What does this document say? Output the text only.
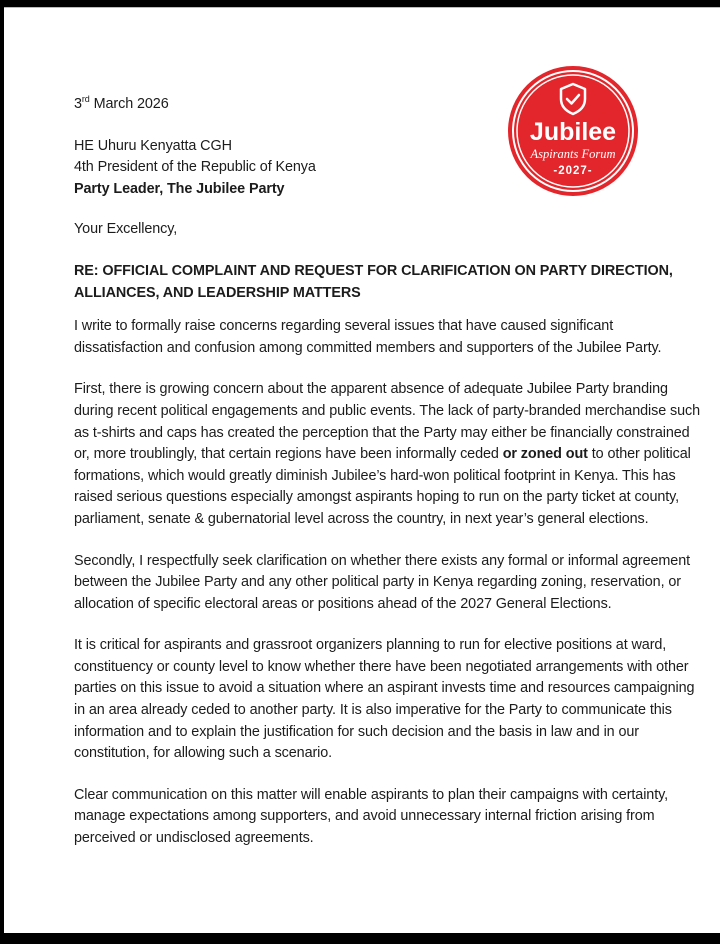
Jubilee
Aspirants Forum
-2027-

3rd March 2026

HE Uhuru Kenyatta CGH

4th President of the Republic of Kenya

Party Leader, The Jubilee Party

Your Excellency,

RE: OFFICIAL COMPLAINT AND REQUEST FOR CLARIFICATION ON PARTY DIRECTION, ALLIANCES, AND LEADERSHIP MATTERS

I write to formally raise concerns regarding several issues that have caused significant dissatisfaction and confusion among committed members and supporters of the Jubilee Party.

First, there is growing concern about the apparent absence of adequate Jubilee Party branding during recent political engagements and public events. The lack of party-branded merchandise such as t-shirts and caps has created the perception that the Party may either be financially constrained or, more troublingly, that certain regions have been informally ceded or zoned out to other political formations, which would greatly diminish Jubilee’s hard-won political footprint in Kenya. This has raised serious questions especially amongst aspirants hoping to run on the party ticket at county, parliament, senate & gubernatorial level across the country, in next year’s general elections.

Secondly, I respectfully seek clarification on whether there exists any formal or informal agreement between the Jubilee Party and any other political party in Kenya regarding zoning, reservation, or allocation of specific electoral areas or positions ahead of the 2027 General Elections.

It is critical for aspirants and grassroot organizers planning to run for elective positions at ward, constituency or county level to know whether there have been negotiated arrangements with other parties on this issue to avoid a situation where an aspirant invests time and resources campaigning in an area already ceded to another party. It is also imperative for the Party to communicate this information and to explain the justification for such decision and the basis in law and in our constitution, for allowing such a scenario.

Clear communication on this matter will enable aspirants to plan their campaigns with certainty, manage expectations among supporters, and avoid unnecessary internal friction arising from perceived or undisclosed agreements.
